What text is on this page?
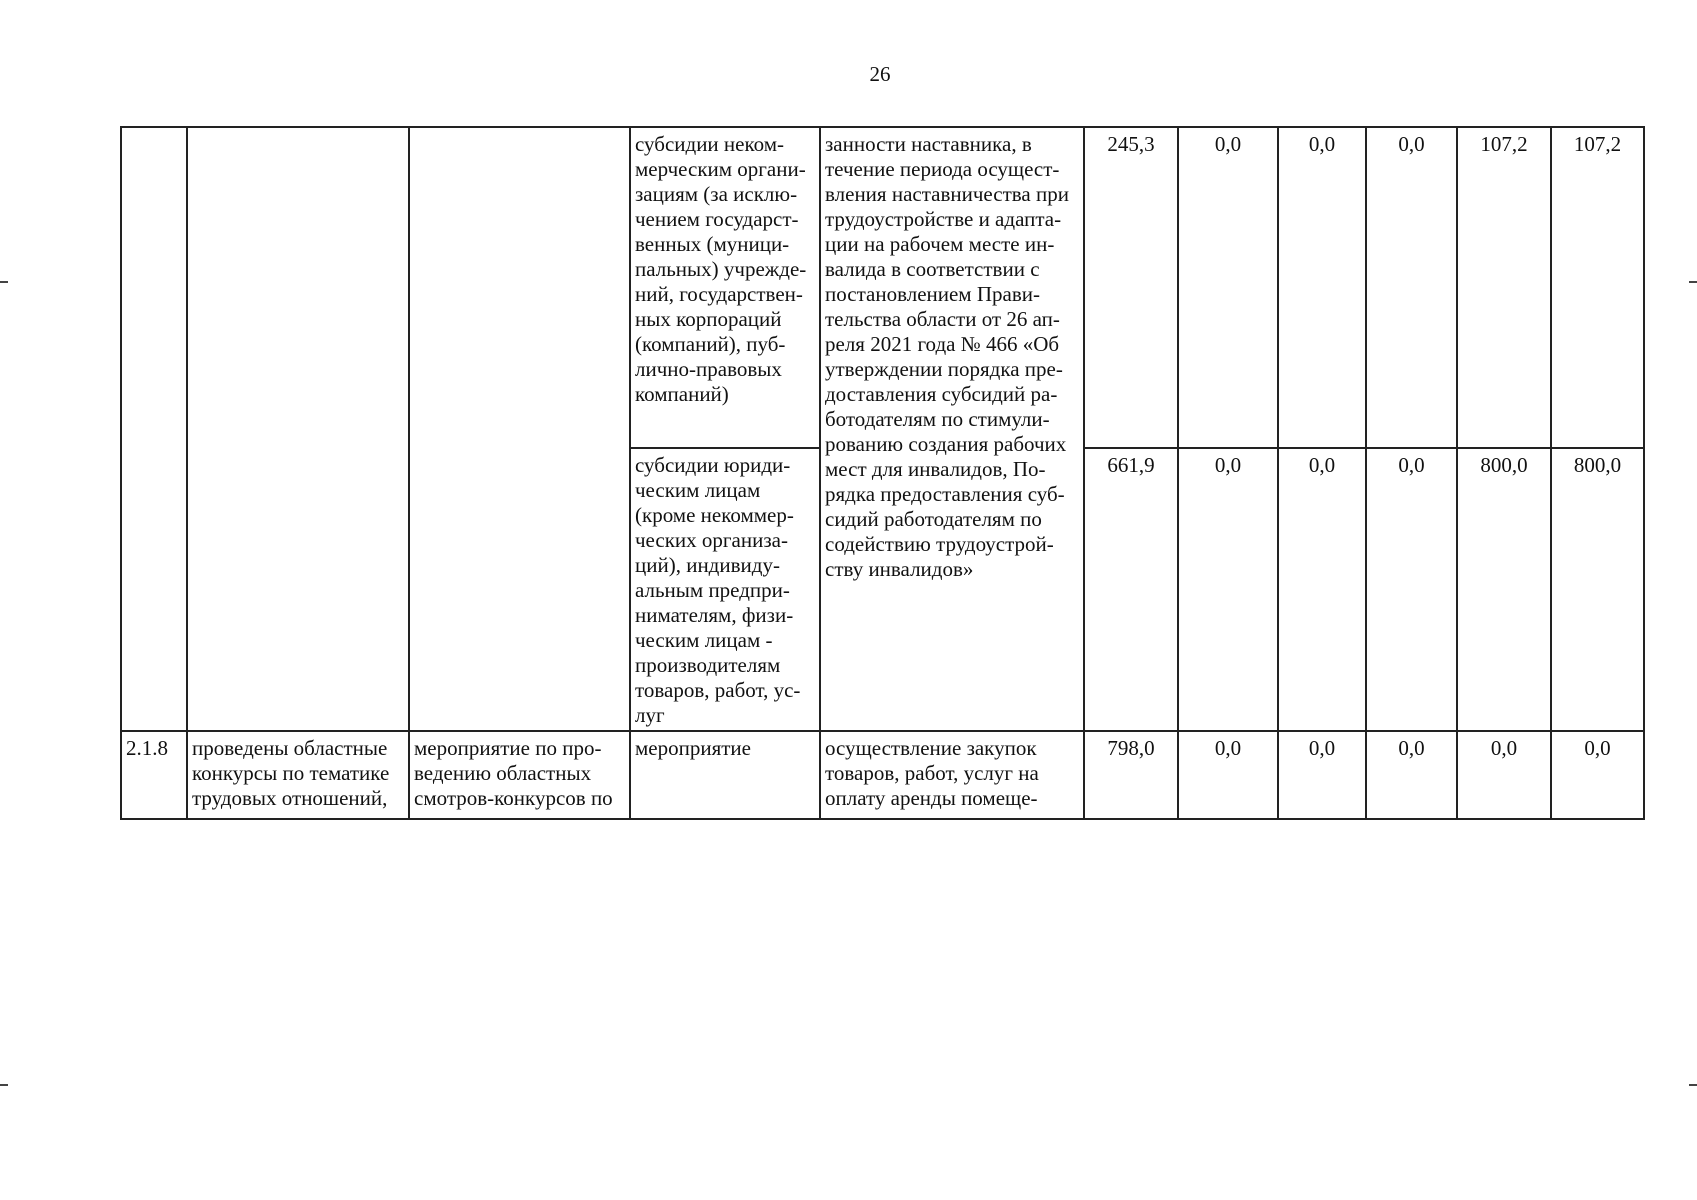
26
			субсидии неком-мерческим органи-зациям (за исклю-чением государст-венных (муници-пальных) учрежде-ний, государствен-ных корпораций (компаний), пуб-лично-правовых компаний)	занности наставника, в течение периода осущест-вления наставничества при трудоустройстве и адапта-ции на рабочем месте ин-валида в соответствии с постановлением Прави-тельства области от 26 ап-реля 2021 года № 466 «Об утверждении порядка пре-доставления субсидий ра-ботодателям по стимули-рованию создания рабочих мест для инвалидов, По-рядка предоставления суб-сидий работодателям по содействию трудоустрой-ству инвалидов»	245,3	0,0	0,0	0,0	107,2	107,2
			субсидии юриди-ческим лицам (кроме некоммер-ческих организа-ций), индивиду-альным предпри-нимателям, физи-ческим лицам - производителям товаров, работ, ус-луг		661,9	0,0	0,0	0,0	800,0	800,0
2.1.8	проведены областные конкурсы по тематике трудовых отношений,	мероприятие по про-ведению областных смотров-конкурсов по	мероприятие	осуществление закупок товаров, работ, услуг на оплату аренды помеще-	798,0	0,0	0,0	0,0	0,0	0,0
